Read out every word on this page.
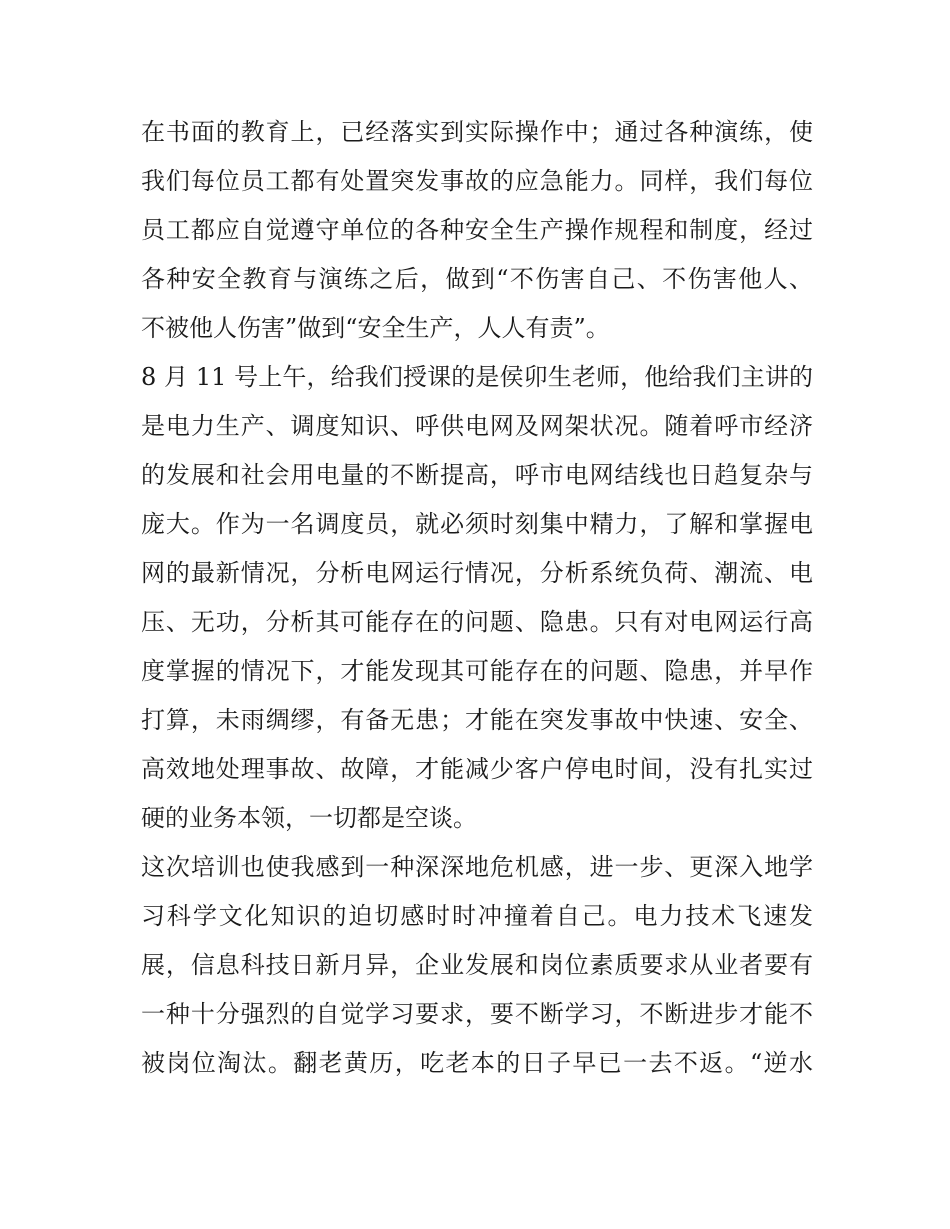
在书面的教育上，已经落实到实际操作中；通过各种演练，使
我们每位员工都有处置突发事故的应急能力。同样，我们每位
员工都应自觉遵守单位的各种安全生产操作规程和制度，经过
各种安全教育与演练之后，做到“不伤害自己、不伤害他人、
不被他人伤害”做到“安全生产，人人有责”。
8 月 11 号上午，给我们授课的是侯卯生老师，他给我们主讲的
是电力生产、调度知识、呼供电网及网架状况。随着呼市经济
的发展和社会用电量的不断提高，呼市电网结线也日趋复杂与
庞大。作为一名调度员，就必须时刻集中精力，了解和掌握电
网的最新情况，分析电网运行情况，分析系统负荷、潮流、电
压、无功，分析其可能存在的问题、隐患。只有对电网运行高
度掌握的情况下，才能发现其可能存在的问题、隐患，并早作
打算，未雨绸缪，有备无患；才能在突发事故中快速、安全、
高效地处理事故、故障，才能减少客户停电时间，没有扎实过
硬的业务本领，一切都是空谈。
这次培训也使我感到一种深深地危机感，进一步、更深入地学
习科学文化知识的迫切感时时冲撞着自己。电力技术飞速发
展，信息科技日新月异，企业发展和岗位素质要求从业者要有
一种十分强烈的自觉学习要求，要不断学习，不断进步才能不
被岗位淘汰。翻老黄历，吃老本的日子早已一去不返。“逆水
